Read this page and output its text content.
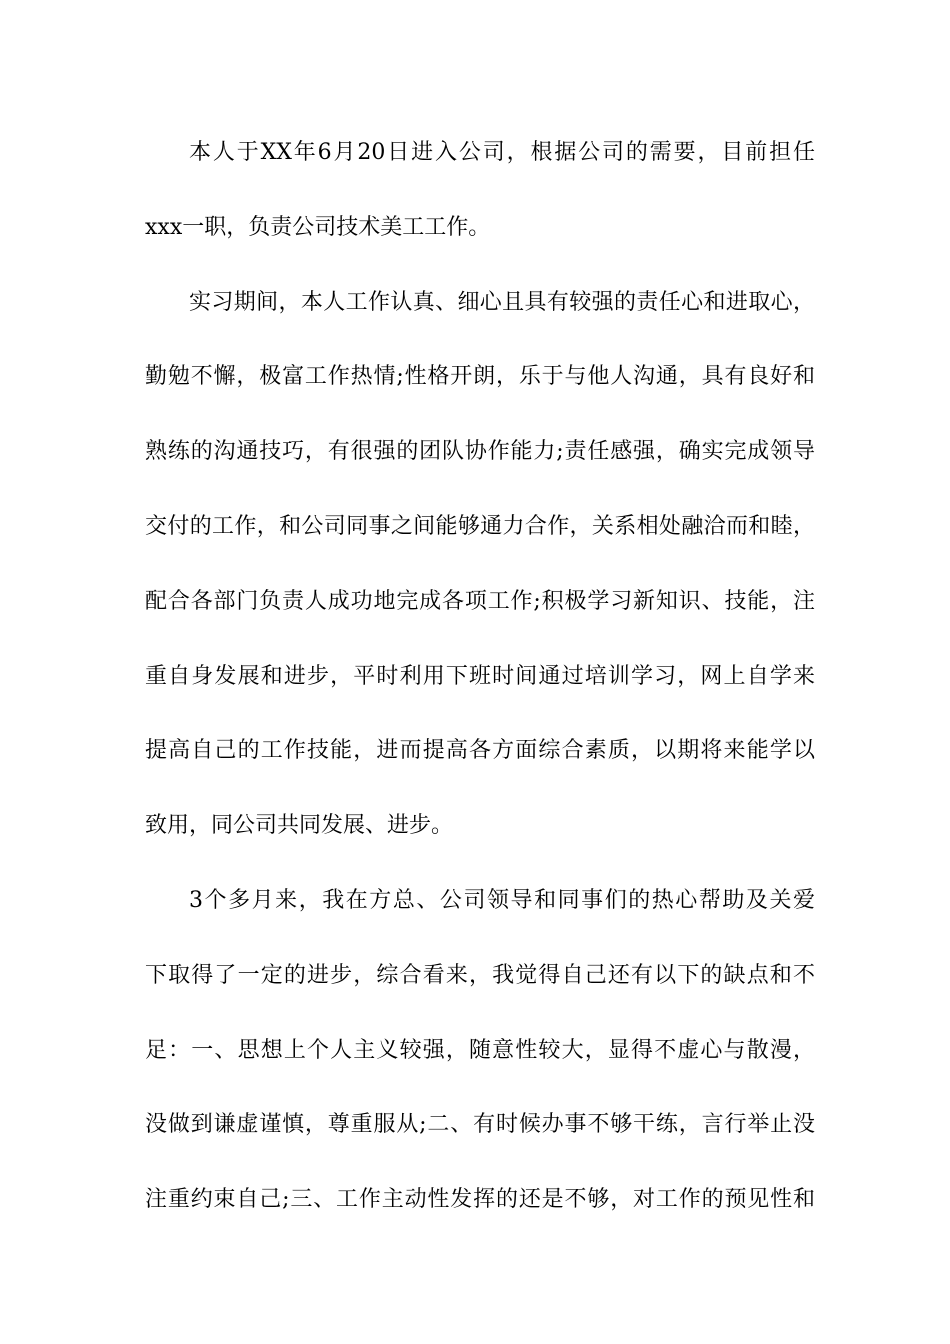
本人于XX年6月20日进入公司，根据公司的需要，目前担任
xxx一职，负责公司技术美工工作。
实习期间，本人工作认真、细心且具有较强的责任心和进取心，
勤勉不懈，极富工作热情;性格开朗，乐于与他人沟通，具有良好和
熟练的沟通技巧，有很强的团队协作能力;责任感强，确实完成领导
交付的工作，和公司同事之间能够通力合作，关系相处融洽而和睦，
配合各部门负责人成功地完成各项工作;积极学习新知识、技能，注
重自身发展和进步，平时利用下班时间通过培训学习，网上自学来
提高自己的工作技能，进而提高各方面综合素质，以期将来能学以
致用，同公司共同发展、进步。
3个多月来，我在方总、公司领导和同事们的热心帮助及关爱
下取得了一定的进步，综合看来，我觉得自己还有以下的缺点和不
足：一、思想上个人主义较强，随意性较大，显得不虚心与散漫，
没做到谦虚谨慎，尊重服从;二、有时候办事不够干练，言行举止没
注重约束自己;三、工作主动性发挥的还是不够，对工作的预见性和
